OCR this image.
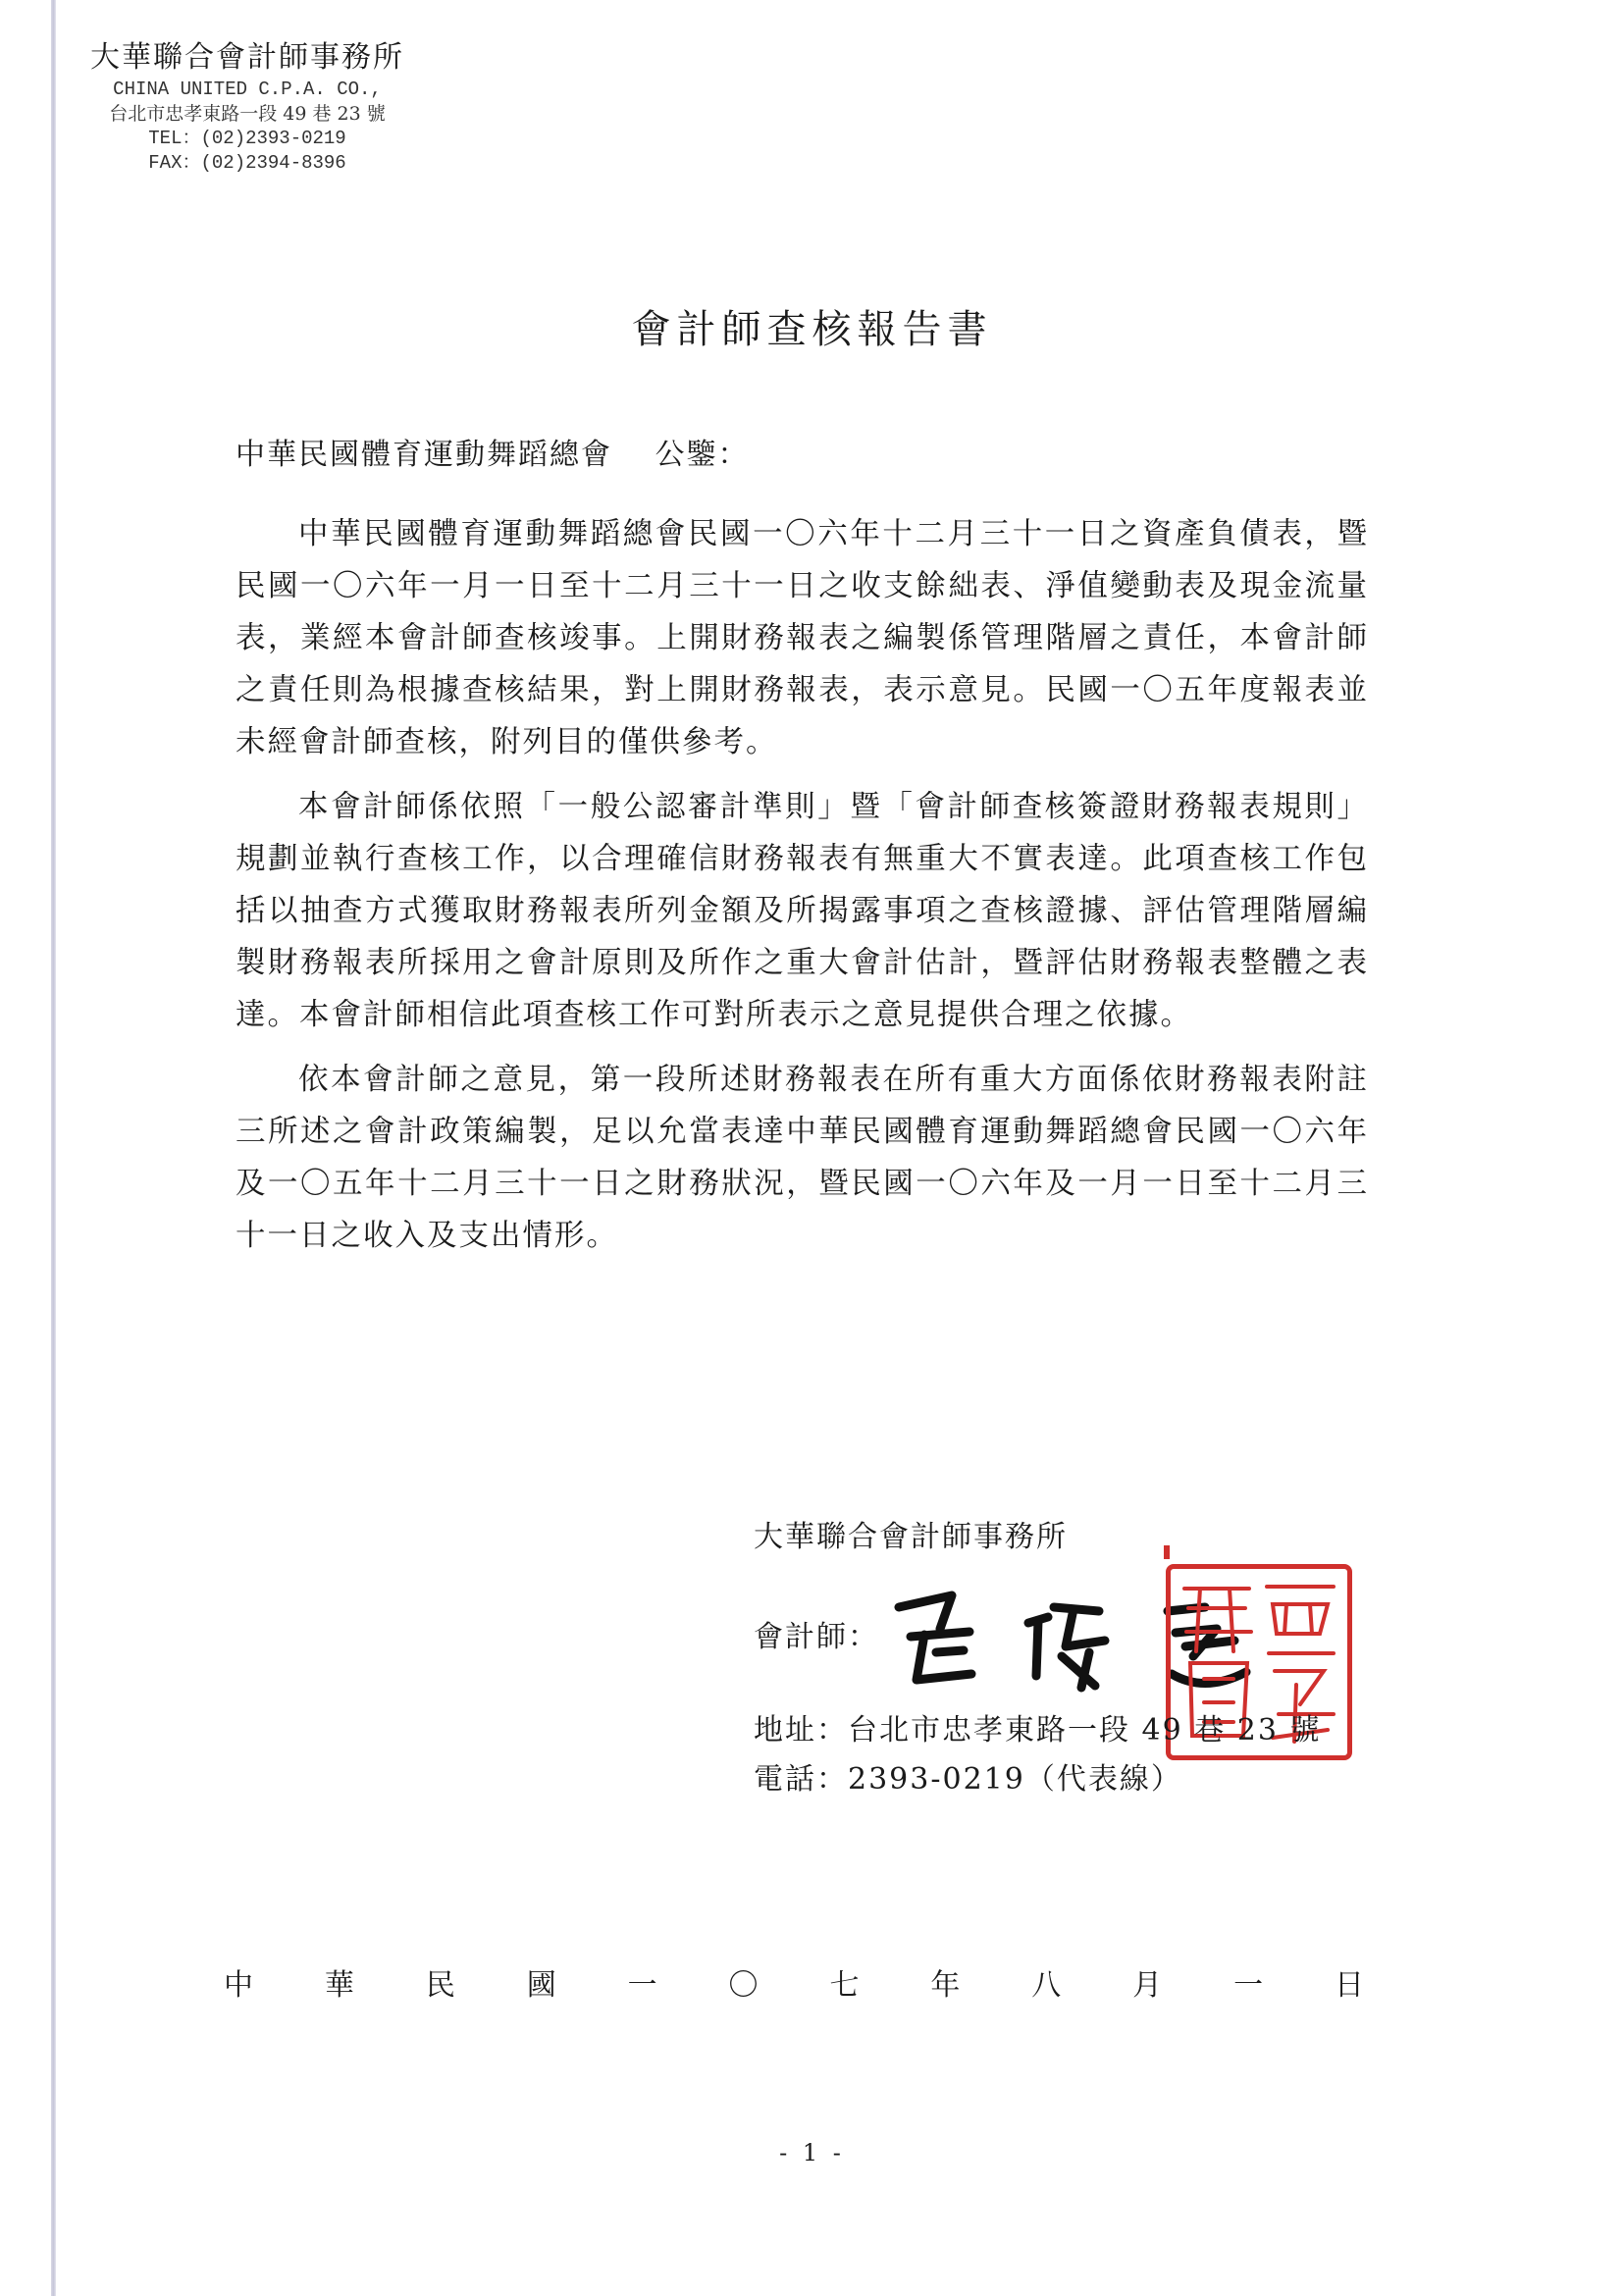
大華聯合會計師事務所
CHINA UNITED C.P.A. CO.,
台北市忠孝東路一段 49 巷 23 號
TEL：(02)2393-0219
FAX：(02)2394-8396
會計師查核報告書
中華民國體育運動舞蹈總會　 公鑒：

中華民國體育運動舞蹈總會民國一〇六年十二月三十一日之資產負債表，暨民國一〇六年一月一日至十二月三十一日之收支餘絀表、淨值變動表及現金流量表，業經本會計師查核竣事。上開財務報表之編製係管理階層之責任，本會計師之責任則為根據查核結果，對上開財務報表，表示意見。民國一〇五年度報表並未經會計師查核，附列目的僅供參考。

本會計師係依照「一般公認審計準則」暨「會計師查核簽證財務報表規則」規劃並執行查核工作，以合理確信財務報表有無重大不實表達。此項查核工作包括以抽查方式獲取財務報表所列金額及所揭露事項之查核證據、評估管理階層編製財務報表所採用之會計原則及所作之重大會計估計，暨評估財務報表整體之表達。本會計師相信此項查核工作可對所表示之意見提供合理之依據。

依本會計師之意見，第一段所述財務報表在所有重大方面係依財務報表附註三所述之會計政策編製，足以允當表達中華民國體育運動舞蹈總會民國一〇六年及一〇五年十二月三十一日之財務狀況，暨民國一〇六年及一月一日至十二月三十一日之收入及支出情形。

大華聯合會計師事務所
會計師：
地址：台北市忠孝東路一段 49 巷 23 號
電話：2393-0219（代表線）
中 華 民 國 一 〇 七 年 八 月 一 日
- 1 -
